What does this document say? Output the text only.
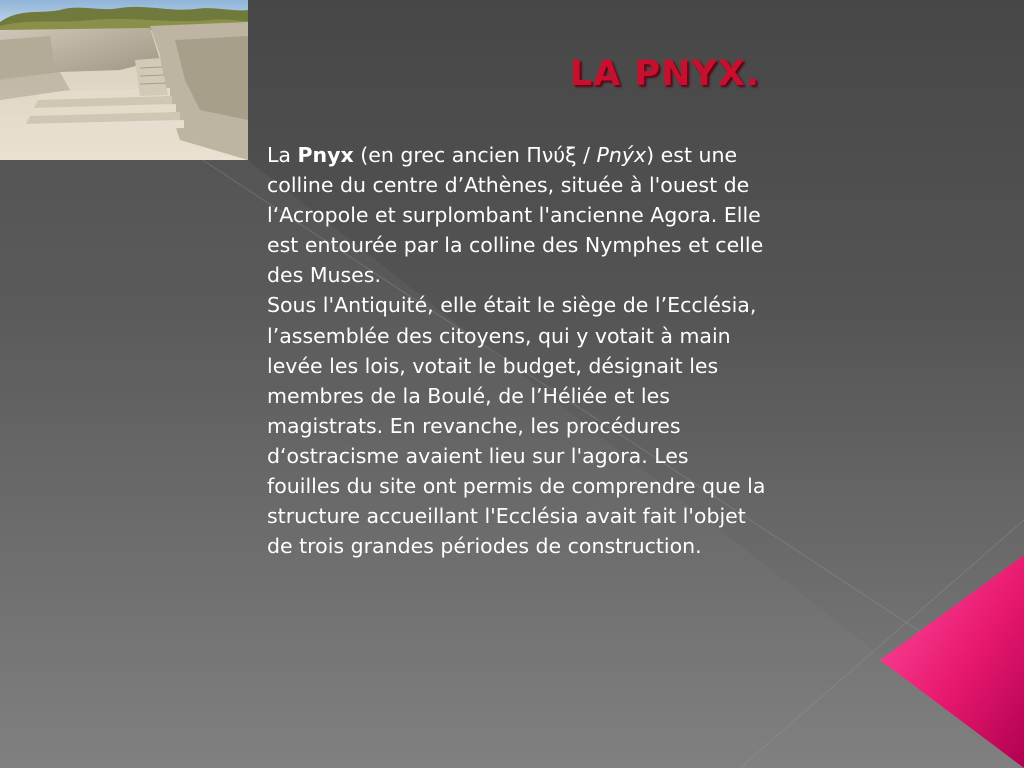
LA PNYX.

La Pnyx (en grec ancien Πνύξ / Pnýx) est une colline du centre d’Athènes, située à l'ouest de l‘Acropole et surplombant l'ancienne Agora. Elle est entourée par la colline des Nymphes et celle des Muses.

Sous l'Antiquité, elle était le siège de l’Ecclésia, l’assemblée des citoyens, qui y votait à main levée les lois, votait le budget, désignait les membres de la Boulé, de l’Héliée et les magistrats. En revanche, les procédures d‘ostracisme avaient lieu sur l'agora. Les fouilles du site ont permis de comprendre que la structure accueillant l'Ecclésia avait fait l'objet de trois grandes périodes de construction.
